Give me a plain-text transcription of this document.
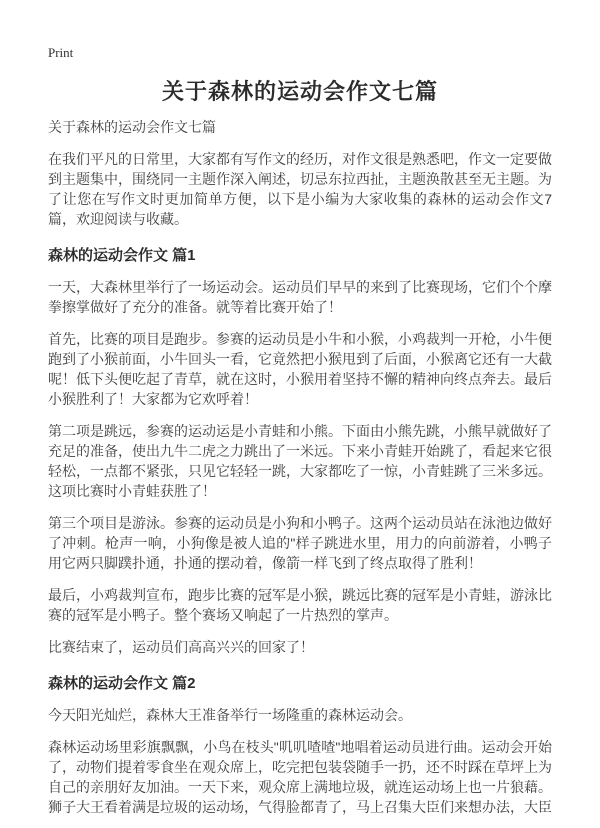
Print
关于森林的运动会作文七篇

关于森林的运动会作文七篇

在我们平凡的日常里，大家都有写作文的经历，对作文很是熟悉吧，作文一定要做到主题集中，围绕同一主题作深入阐述，切忌东拉西扯，主题涣散甚至无主题。为了让您在写作文时更加简单方便，以下是小编为大家收集的森林的运动会作文7篇，欢迎阅读与收藏。

森林的运动会作文 篇1

一天，大森林里举行了一场运动会。运动员们早早的来到了比赛现场，它们个个摩拳擦掌做好了充分的准备。就等着比赛开始了！

首先，比赛的项目是跑步。参赛的运动员是小牛和小猴，小鸡裁判一开枪，小牛便跑到了小猴前面，小牛回头一看，它竟然把小猴甩到了后面，小猴离它还有一大截呢！低下头便吃起了青草，就在这时，小猴用着坚持不懈的精神向终点奔去。最后小猴胜利了！大家都为它欢呼着！

第二项是跳远，参赛的运动运是小青蛙和小熊。下面由小熊先跳，小熊早就做好了充足的准备，使出九牛二虎之力跳出了一米远。下来小青蛙开始跳了，看起来它很轻松，一点都不紧张，只见它轻轻一跳，大家都吃了一惊，小青蛙跳了三米多远。这项比赛时小青蛙获胜了！

第三个项目是游泳。参赛的运动员是小狗和小鸭子。这两个运动员站在泳池边做好了冲刺。枪声一响，小狗像是被人追的"样子跳进水里，用力的向前游着，小鸭子用它两只脚蹼扑通，扑通的摆动着，像箭一样飞到了终点取得了胜利！

最后，小鸡裁判宣布，跑步比赛的冠军是小猴，跳远比赛的冠军是小青蛙，游泳比赛的冠军是小鸭子。整个赛场又响起了一片热烈的掌声。

比赛结束了，运动员们高高兴兴的回家了！

森林的运动会作文 篇2

今天阳光灿烂，森林大王准备举行一场隆重的森林运动会。

森林运动场里彩旗飘飘，小鸟在枝头"叽叽喳喳"地唱着运动员进行曲。运动会开始了，动物们提着零食坐在观众席上，吃完把包装袋随手一扔，还不时踩在草坪上为自己的亲朋好友加油。一天下来，观众席上满地垃圾，就连运动场上也一片狼藉。狮子大王看着满是垃圾的运动场，气得脸都青了，马上召集大臣们来想办法，大臣
